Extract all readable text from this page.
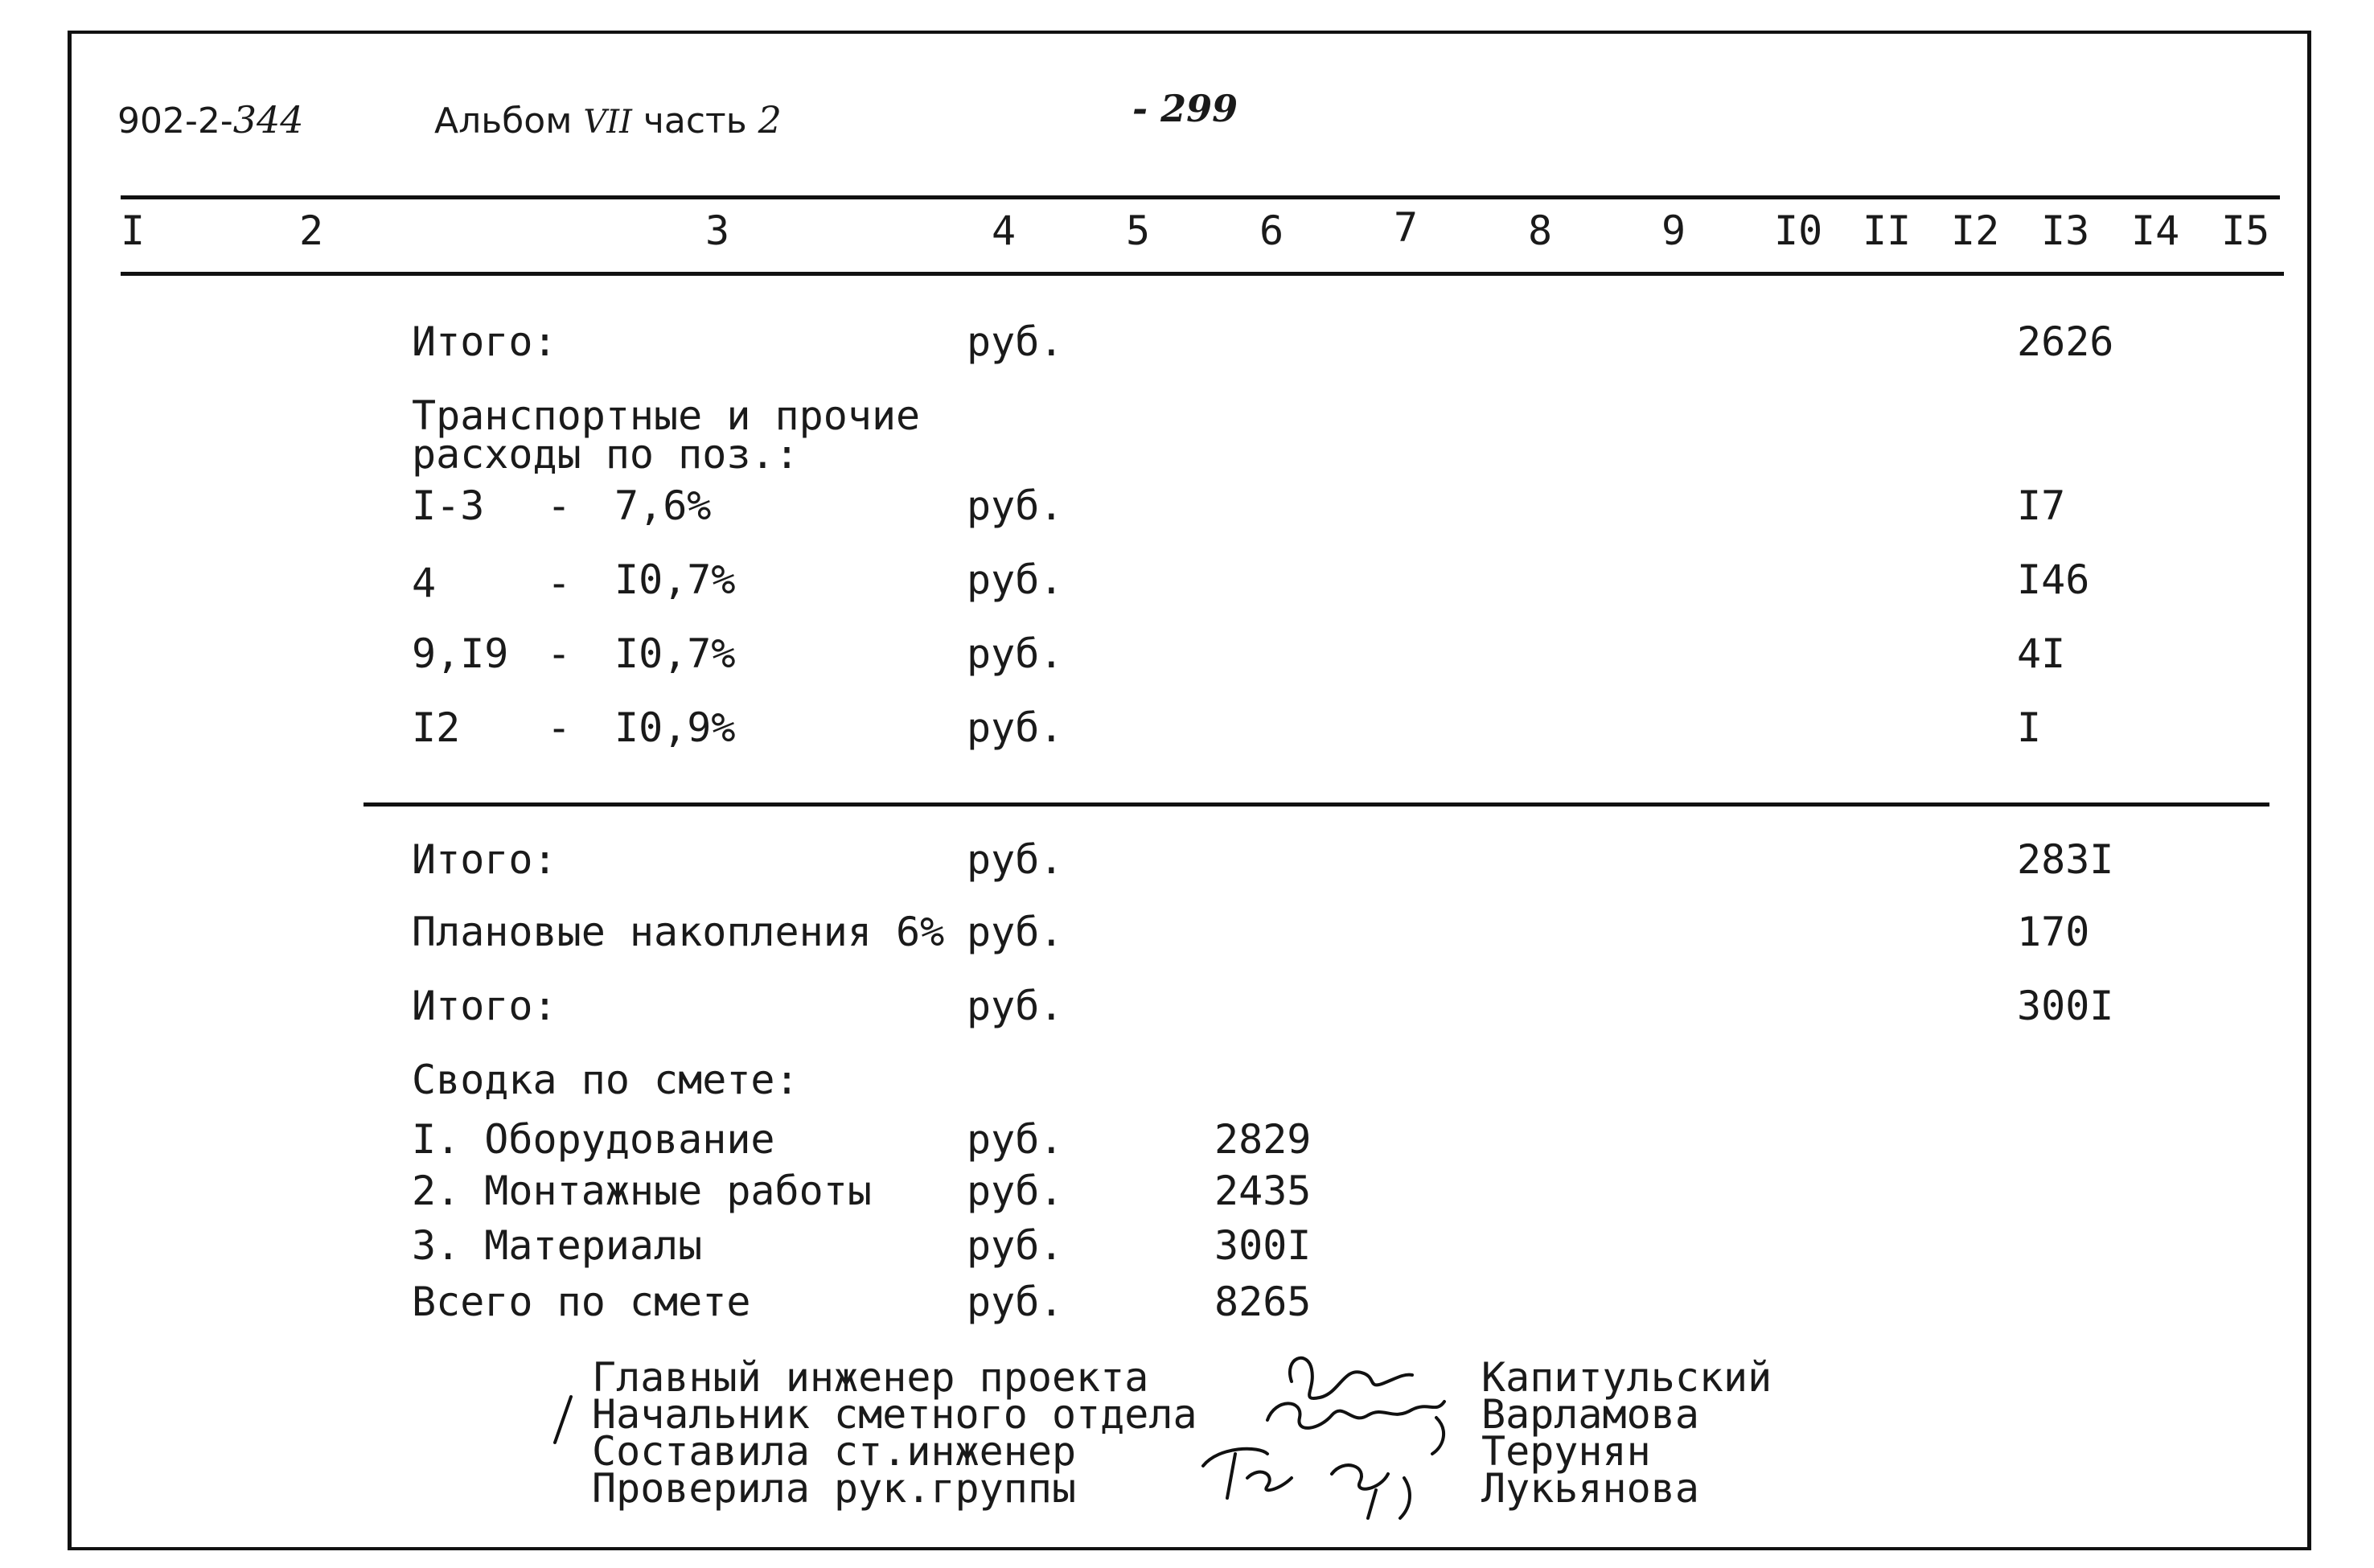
902-2-344	Альбом VII часть 2	- 299
I	2	3	4	5	6	7	8	9 I0 II I2 I3 I4 I5
Итого:	руб.	2626
Транспортные и прочие
расходы по поз.:
I-3 - 7,6%	руб.	I7
4	- I0,7%	руб.	I46
9,I9 - I0,7%	руб.	4I
I2 - I0,9%	руб.	I
Итого:	руб.	283I
Плановые накопления 6% руб.	170
Итого:	руб.	300I
Сводка по смете:
I. Оборудование	руб.	2829
2. Монтажные работы руб.	2435
3. Материалы	руб.	300I
Всего по смете	руб.	8265
Главный инженер проекта	Капитульский
Начальник сметного отдела	Варламова
Составила ст.инженер	Терунян
Проверила рук.группы	Лукьянова
